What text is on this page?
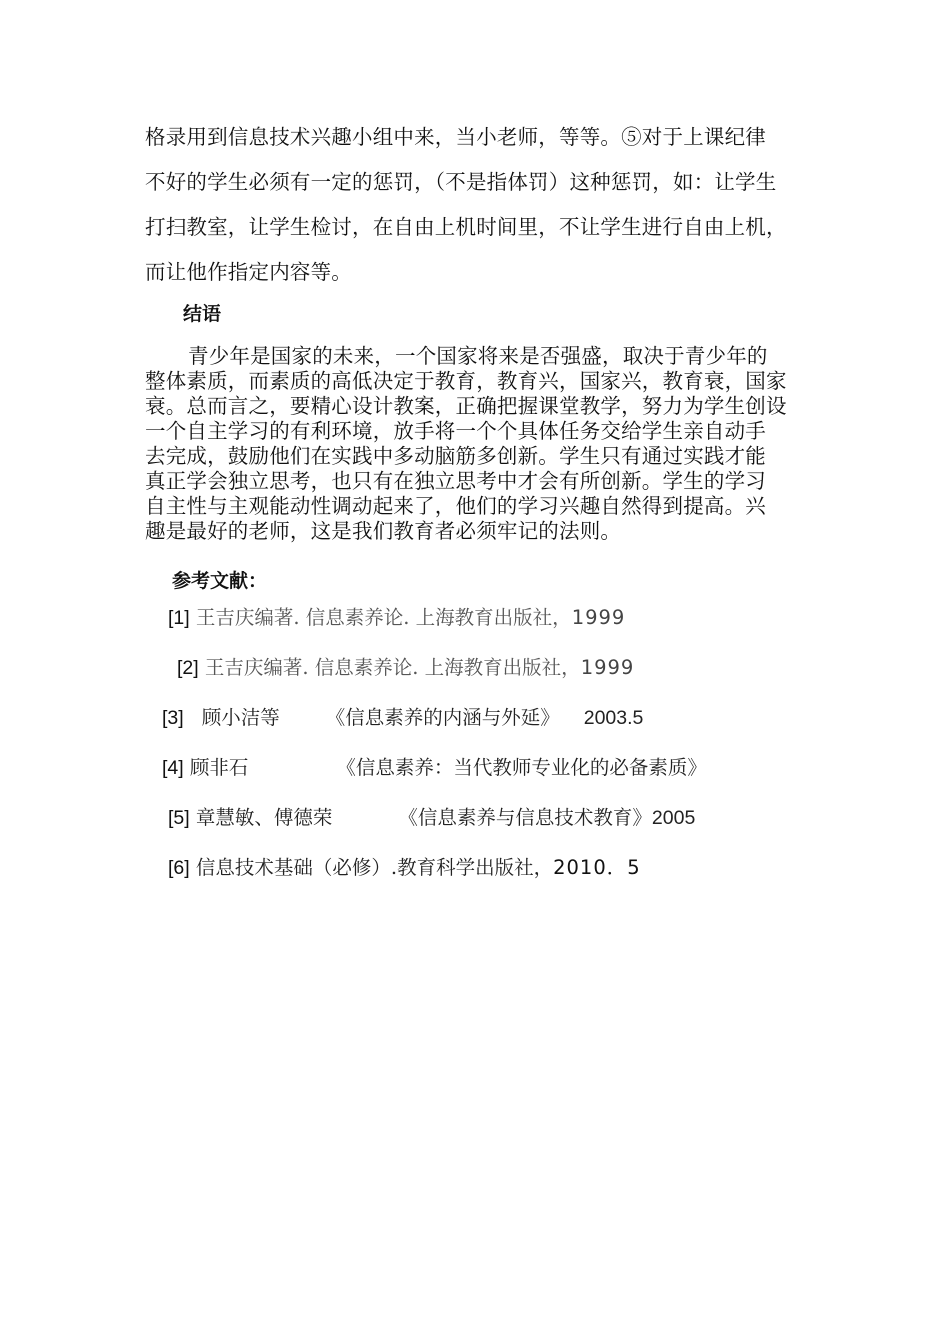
格录用到信息技术兴趣小组中来，当小老师，等等。⑤对于上课纪律
不好的学生必须有一定的惩罚，（不是指体罚）这种惩罚，如：让学生
打扫教室，让学生检讨，在自由上机时间里，不让学生进行自由上机，
而让他作指定内容等。
结语
青少年是国家的未来，一个国家将来是否强盛，取决于青少年的
整体素质，而素质的高低决定于教育，教育兴，国家兴，教育衰，国家
衰。总而言之，要精心设计教案，正确把握课堂教学，努力为学生创设
一个自主学习的有利环境，放手将一个个具体任务交给学生亲自动手
去完成，鼓励他们在实践中多动脑筋多创新。学生只有通过实践才能
真正学会独立思考，也只有在独立思考中才会有所创新。学生的学习
自主性与主观能动性调动起来了，他们的学习兴趣自然得到提高。兴
趣是最好的老师，这是我们教育者必须牢记的法则。
参考文献：
[1] 王吉庆编著. 信息素养论. 上海教育出版社，1999
[2] 王吉庆编著. 信息素养论. 上海教育出版社，1999
[3] 顾小洁等 《信息素养的内涵与外延》 2003.5
[4] 顾非石	《信息素养：当代教师专业化的必备素质》
[5] 章慧敏、傅德荣	《信息素养与信息技术教育》2005
[6] 信息技术基础（必修）.教育科学出版社，2010．5
